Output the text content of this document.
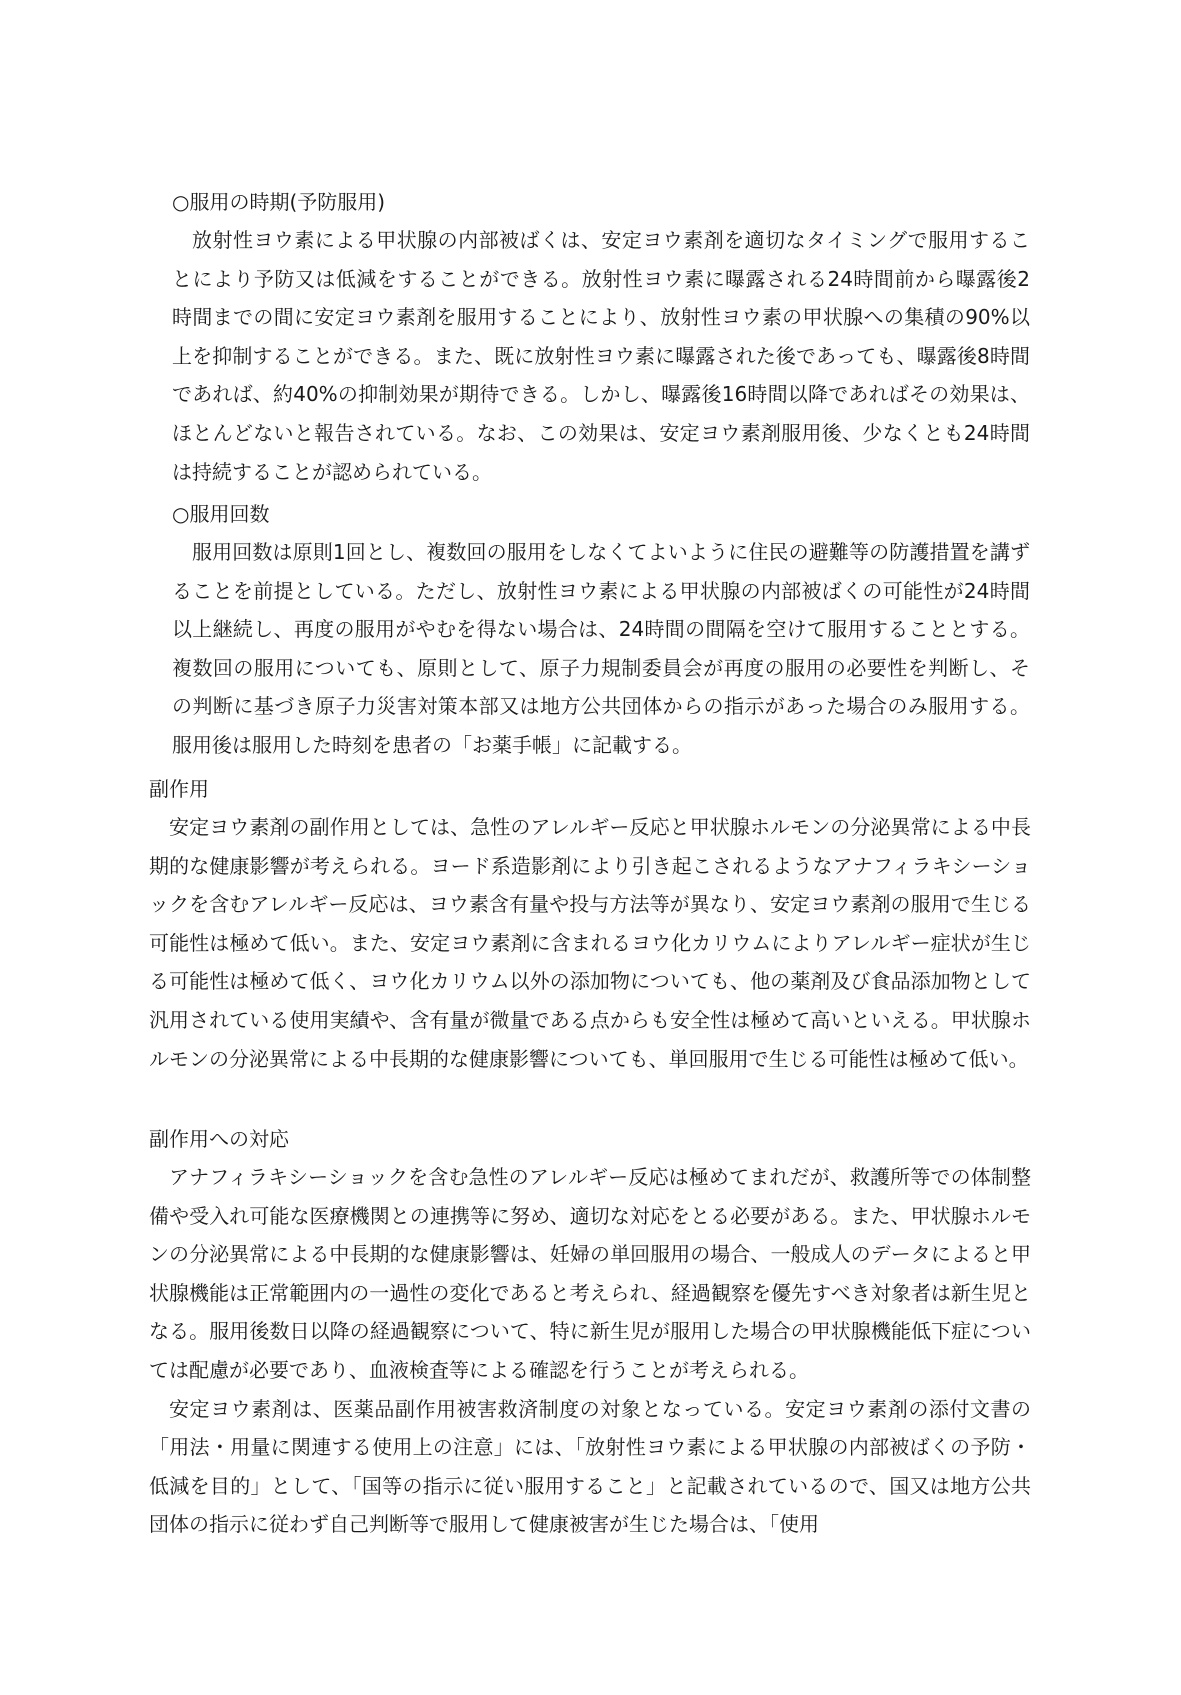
○服用の時期(予防服用)
放射性ヨウ素による甲状腺の内部被ばくは、安定ヨウ素剤を適切なタイミングで服用することにより予防又は低減をすることができる。放射性ヨウ素に曝露される24時間前から曝露後2時間までの間に安定ヨウ素剤を服用することにより、放射性ヨウ素の甲状腺への集積の90%以上を抑制することができる。また、既に放射性ヨウ素に曝露された後であっても、曝露後8時間であれば、約40%の抑制効果が期待できる。しかし、曝露後16時間以降であればその効果は、ほとんどないと報告されている。なお、この効果は、安定ヨウ素剤服用後、少なくとも24時間は持続することが認められている。
○服用回数
服用回数は原則1回とし、複数回の服用をしなくてよいように住民の避難等の防護措置を講ずることを前提としている。ただし、放射性ヨウ素による甲状腺の内部被ばくの可能性が24時間以上継続し、再度の服用がやむを得ない場合は、24時間の間隔を空けて服用することとする。複数回の服用についても、原則として、原子力規制委員会が再度の服用の必要性を判断し、その判断に基づき原子力災害対策本部又は地方公共団体からの指示があった場合のみ服用する。服用後は服用した時刻を患者の「お薬手帳」に記載する。
副作用
安定ヨウ素剤の副作用としては、急性のアレルギー反応と甲状腺ホルモンの分泌異常による中長期的な健康影響が考えられる。ヨード系造影剤により引き起こされるようなアナフィラキシーショックを含むアレルギー反応は、ヨウ素含有量や投与方法等が異なり、安定ヨウ素剤の服用で生じる可能性は極めて低い。また、安定ヨウ素剤に含まれるヨウ化カリウムによりアレルギー症状が生じる可能性は極めて低く、ヨウ化カリウム以外の添加物についても、他の薬剤及び食品添加物として汎用されている使用実績や、含有量が微量である点からも安全性は極めて高いといえる。甲状腺ホルモンの分泌異常による中長期的な健康影響についても、単回服用で生じる可能性は極めて低い。
副作用への対応
アナフィラキシーショックを含む急性のアレルギー反応は極めてまれだが、救護所等での体制整備や受入れ可能な医療機関との連携等に努め、適切な対応をとる必要がある。また、甲状腺ホルモンの分泌異常による中長期的な健康影響は、妊婦の単回服用の場合、一般成人のデータによると甲状腺機能は正常範囲内の一過性の変化であると考えられ、経過観察を優先すべき対象者は新生児となる。服用後数日以降の経過観察について、特に新生児が服用した場合の甲状腺機能低下症については配慮が必要であり、血液検査等による確認を行うことが考えられる。
安定ヨウ素剤は、医薬品副作用被害救済制度の対象となっている。安定ヨウ素剤の添付文書の「用法・用量に関連する使用上の注意」には、「放射性ヨウ素による甲状腺の内部被ばくの予防・低減を目的」として、「国等の指示に従い服用すること」と記載されているので、国又は地方公共団体の指示に従わず自己判断等で服用して健康被害が生じた場合は、「使用
